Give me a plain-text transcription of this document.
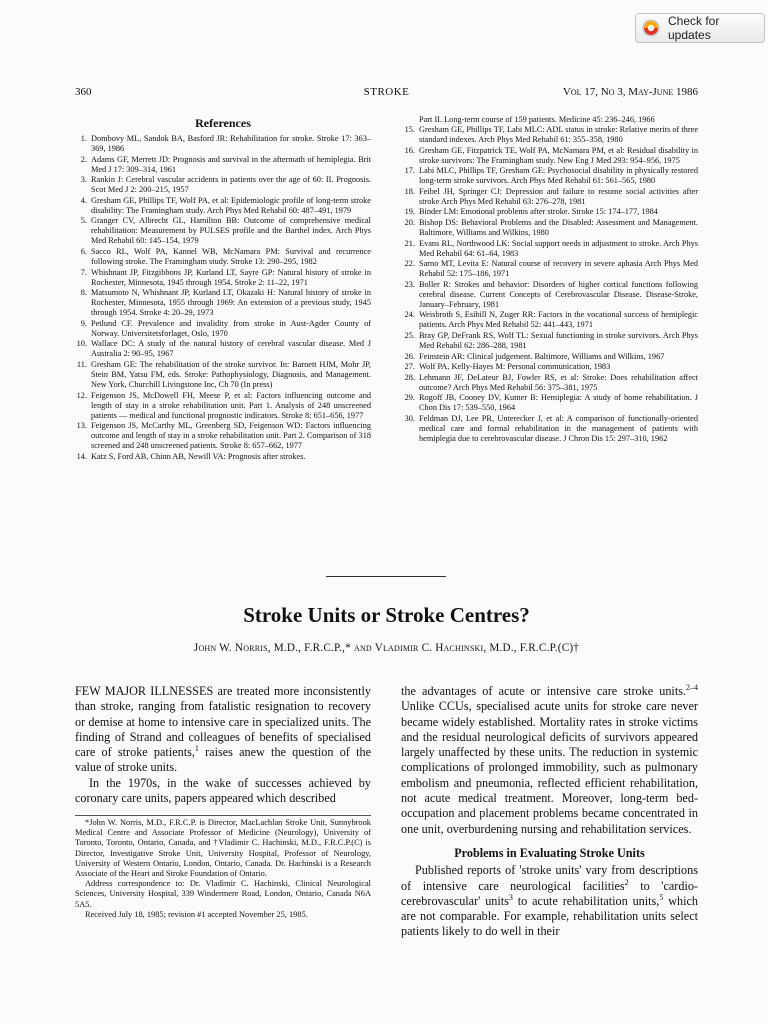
Check for updates
360	STROKE	Vol 17, No 3, May-June 1986
References
1. Dombovy ML, Sandok BA, Basford JR: Rehabilitation for stroke. Stroke 17: 363–369, 1986
2. Adams GF, Merrett JD: Prognosis and survival in the aftermath of hemiplegia. Brit Med J 17: 309–314, 1961
3. Rankin J: Cerebral vascular accidents in patients over the age of 60: II. Prognosis. Scot Med J 2: 200–215, 1957
4. Gresham GE, Phillips TF, Wolf PA, et al: Epidemiologic profile of long-term stroke disability: The Framingham study. Arch Phys Med Rehabil 60: 487–491, 1979
5. Granger CV, Albrecht GL, Hamilton BB: Outcome of comprehensive medical rehabilitation: Measurement by PULSES profile and the Barthel index. Arch Phys Med Rehabil 60: 145–154, 1979
6. Sacco RL, Wolf PA, Kannel WB, McNamara PM: Survival and recurrence following stroke. The Framingham study. Stroke 13: 290–295, 1982
7. Whishnant JP, Fitzgibbons JP, Kurland LT, Sayre GP: Natural history of stroke in Rochester, Minnesota, 1945 through 1954. Stroke 2: 11–22, 1971
8. Matsumoto N, Whishnant JP, Kurland LT, Okazaki H: Natural history of stroke in Rochester, Minnesota, 1955 through 1969: An extension of a previous study, 1945 through 1954. Stroke 4: 20–29, 1973
9. Petlund CF. Prevalence and invalidity from stroke in Aust-Agder County of Norway. Universitetsforlaget, Oslo, 1970
10. Wallace DC: A study of the natural history of cerebral vascular disease. Med J Australia 2: 90–95, 1967
11. Gresham GE: The rehabilitation of the stroke survivor. In: Barnett HJM, Mohr JP, Stein BM, Yatsu FM, eds. Stroke: Pathophysiology, Diagnosis, and Management. New York, Churchill Livingstone Inc, Ch 70 (In press)
12. Feigenson JS, McDowell FH, Meese P, et al: Factors influencing outcome and length of stay in a stroke rehabilitation unit. Part 1. Analysis of 248 unscreened patients — medical and functional prognostic indicators. Stroke 8: 651–656, 1977
13. Feigenson JS, McCarthy ML, Greenberg SD, Feigenson WD: Factors influencing outcome and length of stay in a stroke rehabilitation unit. Part 2. Comparison of 318 screened and 248 unscreened patients. Stroke 8: 657–662, 1977
14. Katz S, Ford AB, Chinn AB, Newill VA: Prognosis after strokes.
Part II. Long-term course of 159 patients. Medicine 45: 236–246, 1966
15. Gresham GE, Phillips TF, Labi MLC: ADL status in stroke: Relative merits of three standard indexes. Arch Phys Med Rehabil 61: 355–358, 1980
16. Gresham GE, Fitzpatrick TE, Wolf PA, McNamara PM, et al: Residual disability in stroke survivors: The Framingham study. New Eng J Med 293: 954–956, 1975
17. Labi MLC, Phillips TF, Gresham GE: Psychosocial disability in physically restored long-term stroke survivors. Arch Phys Med Rehabil 61: 561–565, 1980
18. Feibel JH, Springer CJ: Depression and failure to resume social activities after stroke Arch Phys Med Rehabil 63: 276–278, 1981
19. Binder LM: Emotional problems after stroke. Stroke 15: 174–177, 1984
20. Bishop DS: Behavioral Problems and the Disabled: Assessment and Management. Baltimore, Williams and Wilkins, 1980
21. Evans RL, Northwood LK: Social support needs in adjustment to stroke. Arch Phys Med Rehabil 64: 61–64, 1983
22. Sarno MT, Levita E: Natural course of recovery in severe aphasia Arch Phys Med Rehabil 52: 175–186, 1971
23. Boller R: Strokes and behavior: Disorders of higher cortical functions following cerebral disease. Current Concepts of Cerebrovascular Disease. Disease-Stroke, January–February, 1981
24. Weisbroth S, Esibill N, Zuger RR: Factors in the vocational success of hemiplegic patients. Arch Phys Med Rehabil 52: 441–443, 1971
25. Bray GP, DeFrank RS, Wolf TL: Sexual functioning in stroke survivors. Arch Phys Med Rehabil 62: 286–288, 1981
26. Feinstein AR: Clinical judgement. Baltimore, Williams and Wilkins, 1967
27. Wolf PA, Kelly-Hayes M: Personal communication, 1983
28. Lehmann JF, DeLateur BJ, Fowler RS, et al: Stroke: Does rehabilitation affect outcome? Arch Phys Med Rehabil 56: 375–381, 1975
29. Rogoff JB, Cooney DV, Kutner B: Hemiplegia: A study of home rehabilitation. J Chon Dis 17: 539–550, 1964
30. Feldman DJ, Lee PR, Unterecker J, et al: A comparison of functionally-oriented medical care and formal rehabilitation in the management of patients with hemiplegia due to cerebrovascular disease. J Chron Dis 15: 297–310, 1962
Stroke Units or Stroke Centres?
John W. Norris, M.D., F.R.C.P.,* and Vladimir C. Hachinski, M.D., F.R.C.P.(C)†

FEW MAJOR ILLNESSES are treated more inconsistently than stroke, ranging from fatalistic resignation to recovery or demise at home to intensive care in specialized units. The finding of Strand and colleagues of benefits of specialised care of stroke patients,$^1$ raises anew the question of the value of stroke units.

In the 1970s, in the wake of successes achieved by coronary care units, papers appeared which described

*John W. Norris, M.D., F.R.C.P. is Director, MacLachlan Stroke Unit, Sunnybrook Medical Centre and Associate Professor of Medicine (Neurology), University of Toronto, Toronto, Ontario, Canada, and †Vladimir C. Hachinski, M.D., F.R.C.P.(C) is Director, Investigative Stroke Unit, University Hospital, Professor of Neurology, University of Western Ontario, London, Ontario, Canada. Dr. Hachinski is a Research Associate of the Heart and Stroke Foundation of Ontario.

Address correspondence to: Dr. Vladimir C. Hachinski, Clinical Neurological Sciences, University Hospital, 339 Windermere Road, London, Ontario, Canada N6A 5A5.

Received July 18, 1985; revision #1 accepted November 25, 1985.

the advantages of acute or intensive care stroke units.$^{2-4}$ Unlike CCUs, specialised acute units for stroke care never became widely established. Mortality rates in stroke victims and the residual neurological deficits of survivors appeared largely unaffected by these units. The reduction in systemic complications of prolonged immobility, such as pulmonary embolism and pneumonia, reflected efficient rehabilitation, not acute medical treatment. Moreover, long-term bed-occupation and placement problems became concentrated in one unit, overburdening nursing and rehabilitation services.

Problems in Evaluating Stroke Units

Published reports of 'stroke units' vary from descriptions of intensive care neurological facilities$^2$ to 'cardio-cerebrovascular' units$^3$ to acute rehabilitation units,$^5$ which are not comparable. For example, rehabilitation units select patients likely to do well in their
